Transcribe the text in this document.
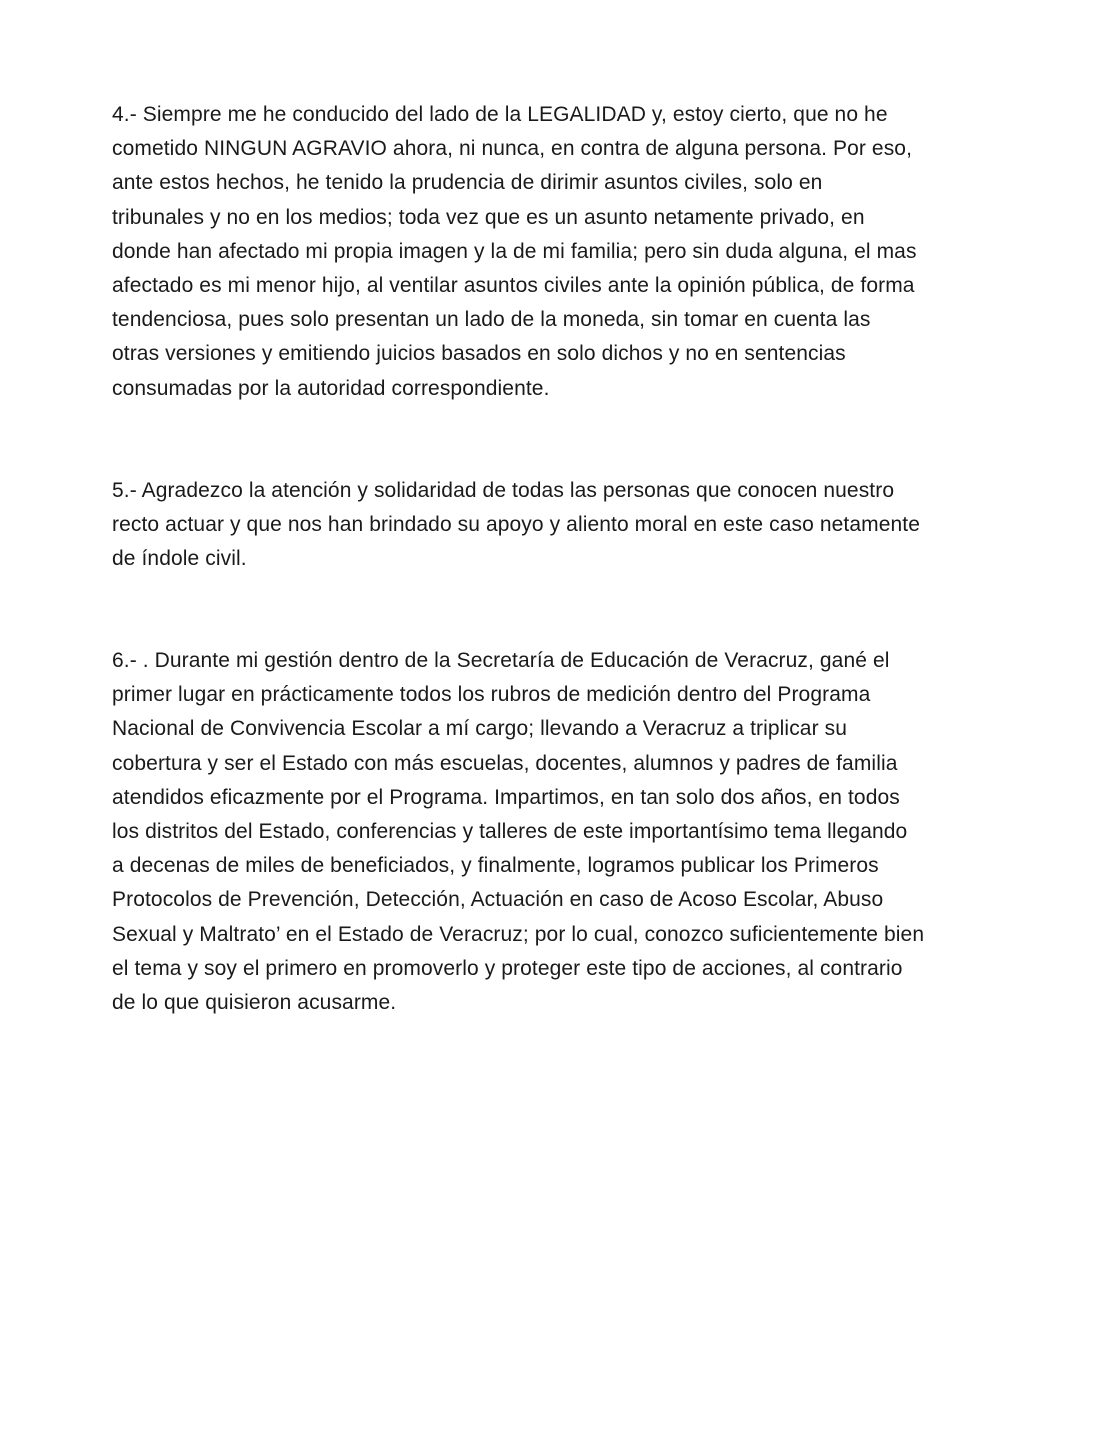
4.- Siempre me he conducido del lado de la LEGALIDAD y, estoy cierto, que no he
cometido NINGUN AGRAVIO ahora, ni nunca, en contra de alguna persona. Por eso,
ante estos hechos, he tenido la prudencia de dirimir asuntos civiles, solo en
tribunales y no en los medios; toda vez que es un asunto netamente privado, en
donde han afectado mi propia imagen y la de mi familia; pero sin duda alguna, el mas
afectado es mi menor hijo, al ventilar asuntos civiles ante la opinión pública, de forma
tendenciosa, pues solo presentan un lado de la moneda, sin tomar en cuenta las
otras versiones y emitiendo juicios basados en solo dichos y no en sentencias
consumadas por la autoridad correspondiente.

5.- Agradezco la atención y solidaridad de todas las personas que conocen nuestro
recto actuar y que nos han brindado su apoyo y aliento moral en este caso netamente
de índole civil.

6.- . Durante mi gestión dentro de la Secretaría de Educación de Veracruz, gané el
primer lugar en prácticamente todos los rubros de medición dentro del Programa
Nacional de Convivencia Escolar a mí cargo; llevando a Veracruz a triplicar su
cobertura y ser el Estado con más escuelas, docentes, alumnos y padres de familia
atendidos eficazmente por el Programa. Impartimos, en tan solo dos años, en todos
los distritos del Estado, conferencias y talleres de este importantísimo tema llegando
a decenas de miles de beneficiados, y finalmente, logramos publicar los Primeros
Protocolos de Prevención, Detección, Actuación en caso de Acoso Escolar, Abuso
Sexual y Maltrato’ en el Estado de Veracruz; por lo cual, conozco suficientemente bien
el tema y soy el primero en promoverlo y proteger este tipo de acciones, al contrario
de lo que quisieron acusarme.
